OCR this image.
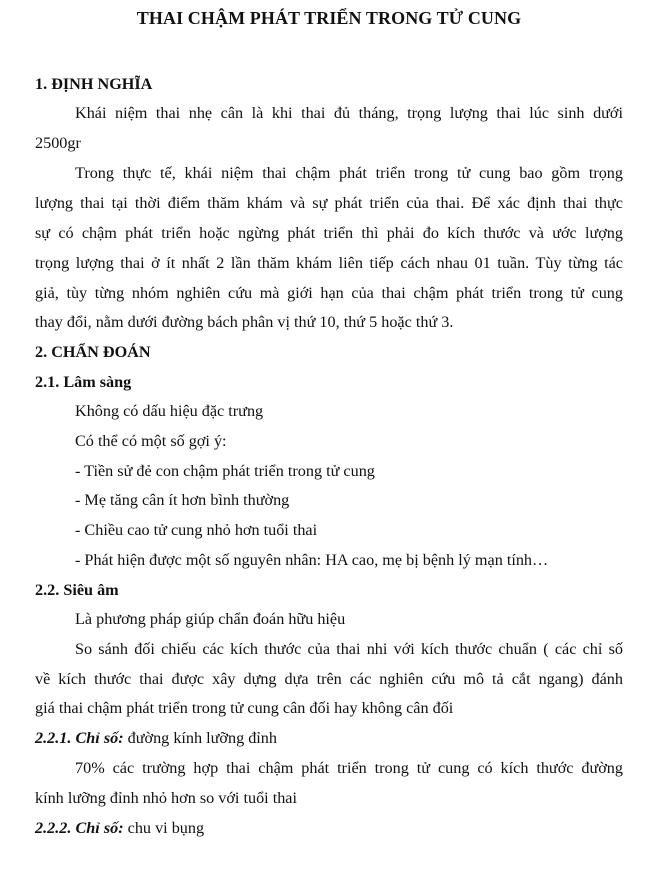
THAI CHẬM PHÁT TRIỂN TRONG TỬ CUNG
1. ĐỊNH NGHĨA
Khái niệm thai nhẹ cân là khi thai đủ tháng, trọng lượng thai lúc sinh dưới
2500gr
Trong thực tế, khái niệm thai chậm phát triển trong tử cung bao gồm trọng
lượng thai tại thời điểm thăm khám và sự phát triển của thai. Để xác định thai thực
sự có chậm phát triển hoặc ngừng phát triển thì phải đo kích thước và ước lượng
trọng lượng thai ở ít nhất 2 lần thăm khám liên tiếp cách nhau 01 tuần. Tùy từng tác
giả, tùy từng nhóm nghiên cứu mà giới hạn của thai chậm phát triển trong tử cung
thay đổi, nằm dưới đường bách phân vị thứ 10, thứ 5 hoặc thứ 3.
2. CHẨN ĐOÁN
2.1. Lâm sàng
Không có dấu hiệu đặc trưng
Có thể có một số gợi ý:
- Tiền sử đẻ con chậm phát triển trong tử cung
- Mẹ tăng cân ít hơn bình thường
- Chiều cao tử cung nhỏ hơn tuổi thai
- Phát hiện được một số nguyên nhân: HA cao, mẹ bị bệnh lý mạn tính…
2.2. Siêu âm
Là phương pháp giúp chẩn đoán hữu hiệu
So sánh đối chiếu các kích thước của thai nhi với kích thước chuẩn ( các chỉ số
về kích thước thai được xây dựng dựa trên các nghiên cứu mô tả cắt ngang) đánh
giá thai chậm phát triển trong tử cung cân đối hay không cân đối
2.2.1. Chỉ số: đường kính lưỡng đỉnh
70% các trường hợp thai chậm phát triển trong tử cung có kích thước đường
kính lưỡng đỉnh nhỏ hơn so với tuổi thai
2.2.2. Chỉ số: chu vi bụng
